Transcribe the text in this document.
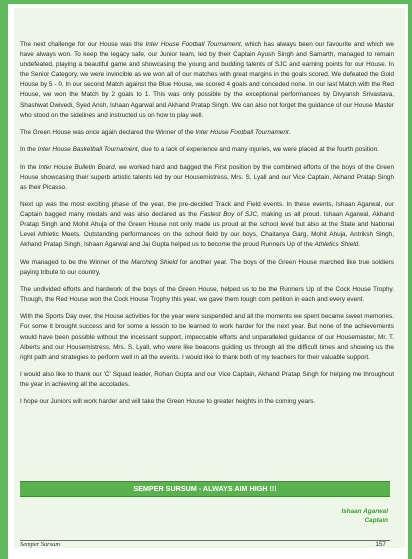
The next challenge for our House was the Inter House Football Tournament, which has always been our favourite and which we have always won. To keep the legacy safe, our Junior team, led by their Captain Ayush Singh and Samarth, managed to remain undefeated, playing a beautiful game and showcasing the young and budding talents of SJC and earning points for our House. In the Senior Category, we were invincible as we won all of our matches with great margins in the goals scored. We defeated the Gold House by 5 - 0. In our second Match against the Blue House, we scored 4 goals and conceded none. In our last Match with the Red House, we won the Match by 2 goals to 1. This was only possible by the exceptional performances by Divyansh Srivastava, Shashwat Dwivedi, Syed Ansh, Ishaan Agarwal and Akhand Pratap Singh. We can also not forget the guidance of our House Master who stood on the sidelines and instructed us on how to play well.

The Green House was once again declared the Winner of the Inter House Football Tournament.

In the Inter House Basketball Tournament, due to a lack of experience and many injuries, we were placed at the fourth position.

In the Inter House Bulletin Board, we worked hard and bagged the First position by the combined efforts of the boys of the Green House showcasing their superb artistic talents led by our Housemistress, Mrs. S. Lyall and our Vice Captain, Akhand Pratap Singh as their Picasso.

Next up was the most exciting phase of the year, the pre-decided Track and Field events. In these events, Ishaan Agarwal, our Captain bagged many medals and was also declared as the Fastest Boy of SJC, making us all proud. Ishaan Agarwal, Akhand Pratap Singh and Mohit Ahuja of the Green House not only made us proud at the school level but also at the State and National Level Athletic Meets. Outstanding performances on the school field by our boys, Chaitanya Garg, Mohit Ahuja, Antriksh Singh, Akhand Pratap Singh, Ishaan Agarwal and Jai Gupta helped us to become the proud Runners Up of the Athletics Shield.

We managed to be the Winner of the Marching Shield for another year. The boys of the Green House marched like true soldiers paying tribute to our country.

The undivided efforts and hardwork of the boys of the Green House, helped us to be the Runners Up of the Cock House Trophy. Though, the Red House won the Cock House Trophy this year, we gave them tough com petition in each and every event.

With the Sports Day over, the House activities for the year were suspended and all the moments we spent became sweet memories. For some it brought success and for some a lesson to be learned to work harder for the next year. But none of the achievements would have been possible without the incessant support, impeccable efforts and unparalleled guidance of our Housemaster, Mr. T. Alberts and our Housemistress, Mrs. S. Lyall, who were like beacons guiding us through all the difficult times and showing us the right path and strategies to perform well in all the events. I would like to thank both of my teachers for their valuable support.

I would also like to thank our 'C' Squad leader, Rohan Gupta and our Vice Captain, Akhand Pratap Singh for helping me throughout the year in achieving all the accolades.

I hope our Juniors will work harder and will take the Green House to greater heights in the coming years.

SEMPER SURSUM - ALWAYS AIM HIGH !!!
Ishaan Agarwal
Captain
Semper Sursum	157
